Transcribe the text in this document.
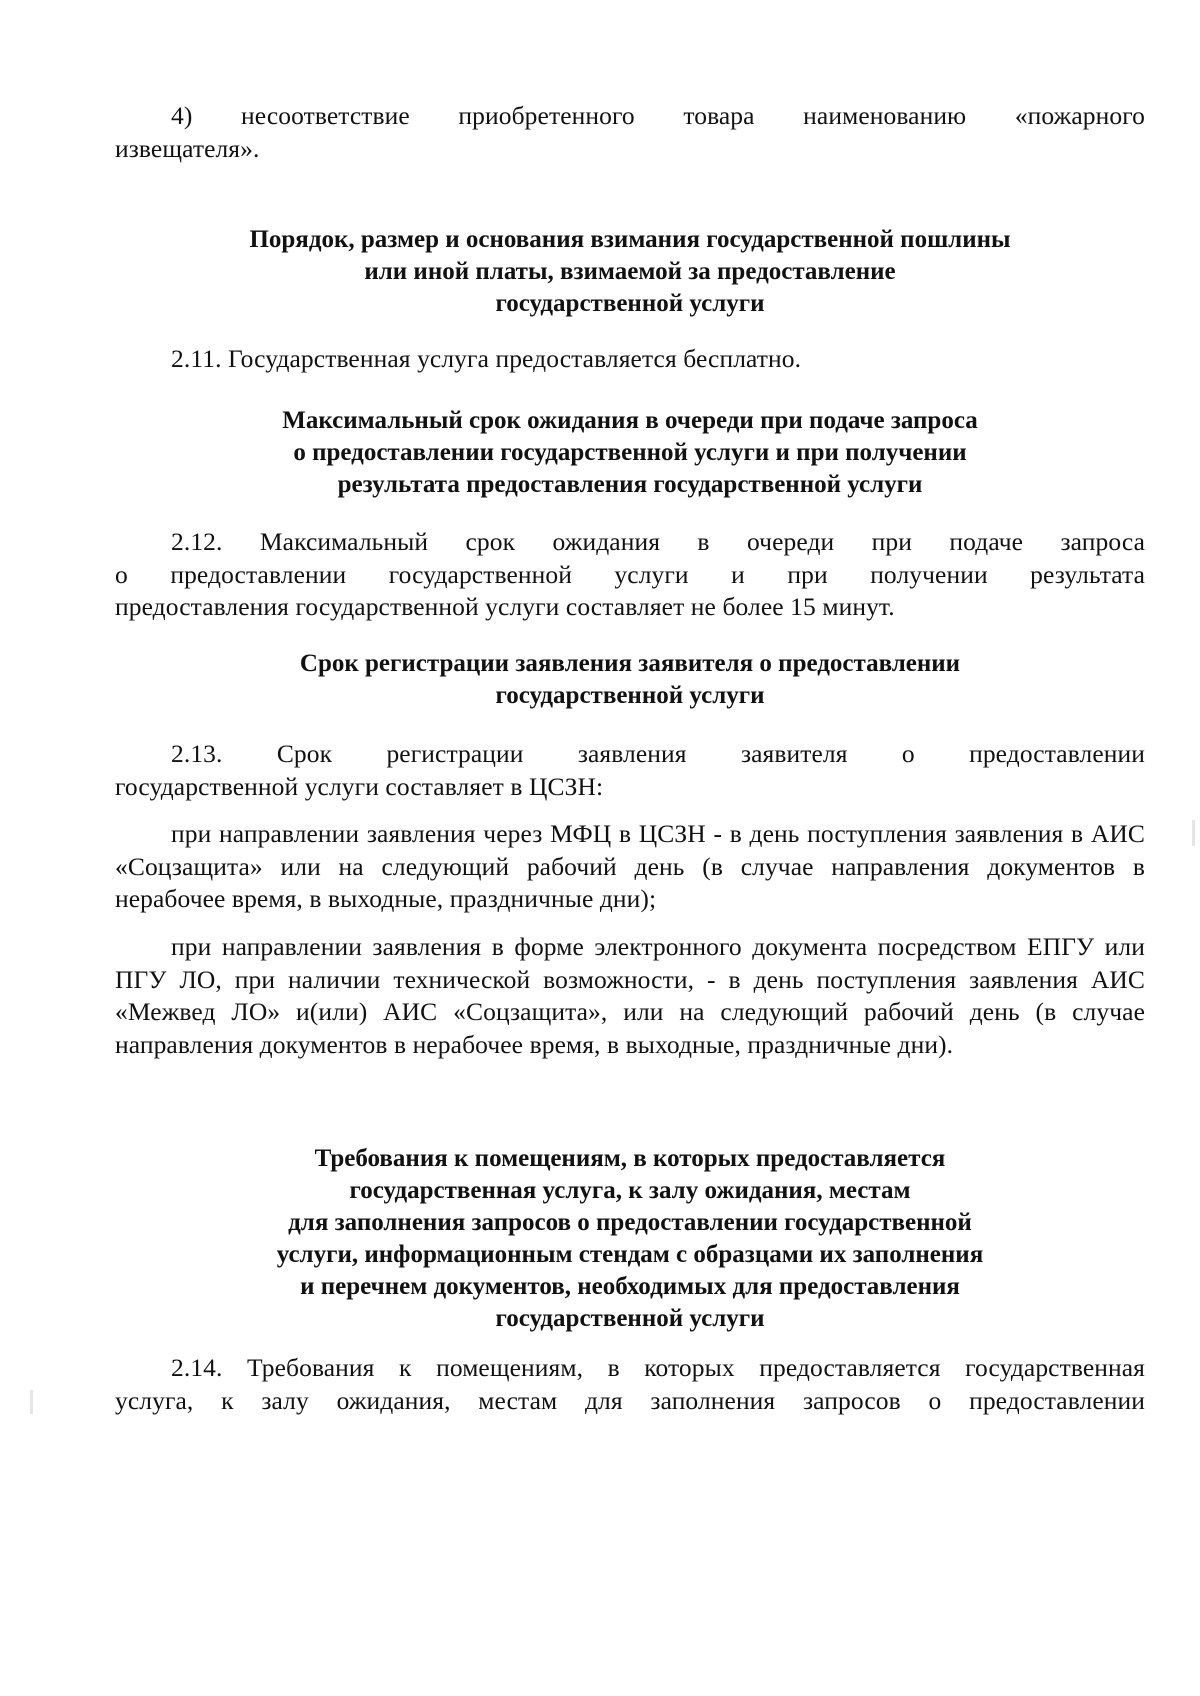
4) несоответствие приобретенного товара наименованию «пожарного
извещателя».

Порядок, размер и основания взимания государственной пошлины
или иной платы, взимаемой за предоставление
государственной услуги

2.11. Государственная услуга предоставляется бесплатно.

Максимальный срок ожидания в очереди при подаче запроса
о предоставлении государственной услуги и при получении
результата предоставления государственной услуги

2.12. Максимальный срок ожидания в очереди при подаче запроса
о предоставлении государственной услуги и при получении результата
предоставления государственной услуги составляет не более 15 минут.

Срок регистрации заявления заявителя о предоставлении
государственной услуги

2.13. Срок регистрации заявления заявителя о предоставлении
государственной услуги составляет в ЦСЗН:

при направлении заявления через МФЦ в ЦСЗН - в день поступления заявления в АИС «Соцзащита» или на следующий рабочий день (в случае направления документов в нерабочее время, в выходные, праздничные дни);

при направлении заявления в форме электронного документа посредством ЕПГУ или ПГУ ЛО, при наличии технической возможности, - в день поступления заявления АИС «Межвед ЛО» и(или) АИС «Соцзащита», или на следующий рабочий день (в случае направления документов в нерабочее время, в выходные, праздничные дни).

Требования к помещениям, в которых предоставляется
государственная услуга, к залу ожидания, местам
для заполнения запросов о предоставлении государственной
услуги, информационным стендам с образцами их заполнения
и перечнем документов, необходимых для предоставления
государственной услуги

2.14. Требования к помещениям, в которых предоставляется государственная
услуга, к залу ожидания, местам для заполнения запросов о предоставлении
